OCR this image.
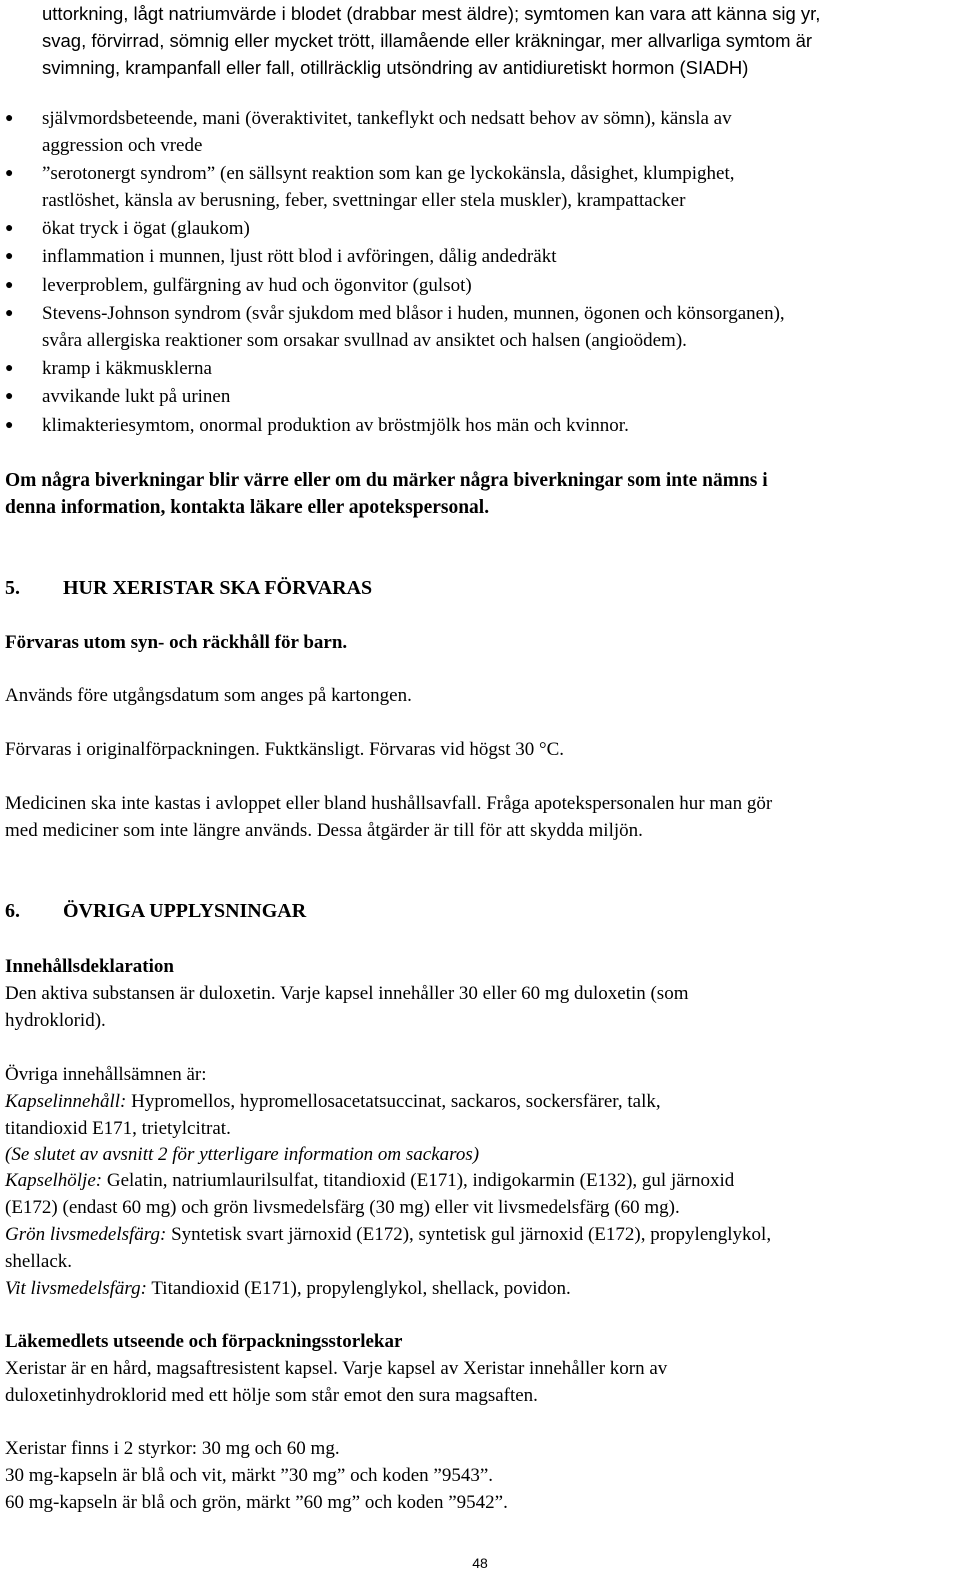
uttorkning, lågt natriumvärde i blodet (drabbar mest äldre); symtomen kan vara att känna sig yr,
svag, förvirrad, sömnig eller mycket trött, illamående eller kräkningar, mer allvarliga symtom är
svimning, krampanfall eller fall, otillräcklig utsöndring av antidiuretiskt hormon (SIADH)
● självmordsbeteende, mani (överaktivitet, tankeflykt och nedsatt behov av sömn), känsla av
aggression och vrede
● ”serotonergt syndrom” (en sällsynt reaktion som kan ge lyckokänsla, dåsighet, klumpighet,
rastlöshet, känsla av berusning, feber, svettningar eller stela muskler), krampattacker
● ökat tryck i ögat (glaukom)
● inflammation i munnen, ljust rött blod i avföringen, dålig andedräkt
● leverproblem, gulfärgning av hud och ögonvitor (gulsot)
● Stevens-Johnson syndrom (svår sjukdom med blåsor i huden, munnen, ögonen och könsorganen),
svåra allergiska reaktioner som orsakar svullnad av ansiktet och halsen (angioödem).
● kramp i käkmusklerna
● avvikande lukt på urinen
● klimakteriesymtom, onormal produktion av bröstmjölk hos män och kvinnor.
Om några biverkningar blir värre eller om du märker några biverkningar som inte nämns i
denna information, kontakta läkare eller apotekspersonal.
5. HUR XERISTAR SKA FÖRVARAS
Förvaras utom syn- och räckhåll för barn.
Används före utgångsdatum som anges på kartongen.
Förvaras i originalförpackningen. Fuktkänsligt. Förvaras vid högst 30 °C.
Medicinen ska inte kastas i avloppet eller bland hushållsavfall. Fråga apotekspersonalen hur man gör
med mediciner som inte längre används. Dessa åtgärder är till för att skydda miljön.
6. ÖVRIGA UPPLYSNINGAR
Innehållsdeklaration
Den aktiva substansen är duloxetin. Varje kapsel innehåller 30 eller 60 mg duloxetin (som
hydroklorid).
Övriga innehållsämnen är:
Kapselinnehåll: Hypromellos, hypromellosacetatsuccinat, sackaros, sockersfärer, talk,
titandioxid E171, trietylcitrat.
(Se slutet av avsnitt 2 för ytterligare information om sackaros)
Kapselhölje: Gelatin, natriumlaurilsulfat, titandioxid (E171), indigokarmin (E132), gul järnoxid
(E172) (endast 60 mg) och grön livsmedelsfärg (30 mg) eller vit livsmedelsfärg (60 mg).
Grön livsmedelsfärg: Syntetisk svart järnoxid (E172), syntetisk gul järnoxid (E172), propylenglykol,
shellack.
Vit livsmedelsfärg: Titandioxid (E171), propylenglykol, shellack, povidon.
Läkemedlets utseende och förpackningsstorlekar
Xeristar är en hård, magsaftresistent kapsel. Varje kapsel av Xeristar innehåller korn av
duloxetinhydroklorid med ett hölje som står emot den sura magsaften.
Xeristar finns i 2 styrkor: 30 mg och 60 mg.
30 mg-kapseln är blå och vit, märkt ”30 mg” och koden ”9543”.
60 mg-kapseln är blå och grön, märkt ”60 mg” och koden ”9542”.
48
